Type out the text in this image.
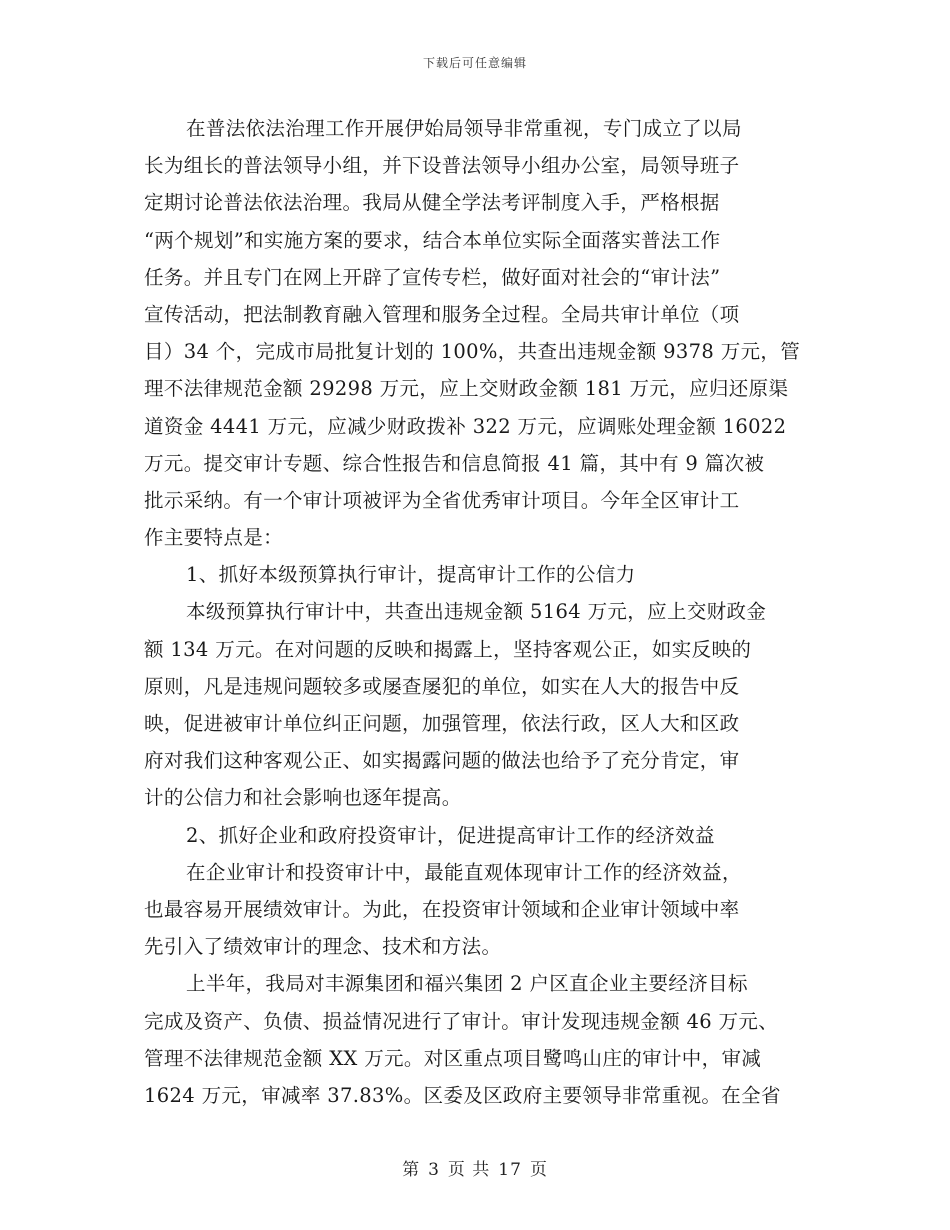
下载后可任意编辑
在普法依法治理工作开展伊始局领导非常重视，专门成立了以局
长为组长的普法领导小组，并下设普法领导小组办公室，局领导班子
定期讨论普法依法治理。我局从健全学法考评制度入手，严格根据
“两个规划”和实施方案的要求，结合本单位实际全面落实普法工作
任务。并且专门在网上开辟了宣传专栏，做好面对社会的“审计法”
宣传活动，把法制教育融入管理和服务全过程。全局共审计单位（项
目）34 个，完成市局批复计划的 100%，共查出违规金额 9378 万元，管
理不法律规范金额 29298 万元，应上交财政金额 181 万元，应归还原渠
道资金 4441 万元，应减少财政拨补 322 万元，应调账处理金额 16022
万元。提交审计专题、综合性报告和信息简报 41 篇，其中有 9 篇次被
批示采纳。有一个审计项被评为全省优秀审计项目。今年全区审计工
作主要特点是：
1、抓好本级预算执行审计，提高审计工作的公信力
本级预算执行审计中，共查出违规金额 5164 万元，应上交财政金
额 134 万元。在对问题的反映和揭露上，坚持客观公正，如实反映的
原则，凡是违规问题较多或屡查屡犯的单位，如实在人大的报告中反
映，促进被审计单位纠正问题，加强管理，依法行政，区人大和区政
府对我们这种客观公正、如实揭露问题的做法也给予了充分肯定，审
计的公信力和社会影响也逐年提高。
2、抓好企业和政府投资审计，促进提高审计工作的经济效益
在企业审计和投资审计中，最能直观体现审计工作的经济效益，
也最容易开展绩效审计。为此，在投资审计领域和企业审计领域中率
先引入了绩效审计的理念、技术和方法。
上半年，我局对丰源集团和福兴集团 2 户区直企业主要经济目标
完成及资产、负债、损益情况进行了审计。审计发现违规金额 46 万元、
管理不法律规范金额 XX 万元。对区重点项目鹭鸣山庄的审计中，审减
1624 万元，审减率 37.83%。区委及区政府主要领导非常重视。在全省
第 3 页 共 17 页
